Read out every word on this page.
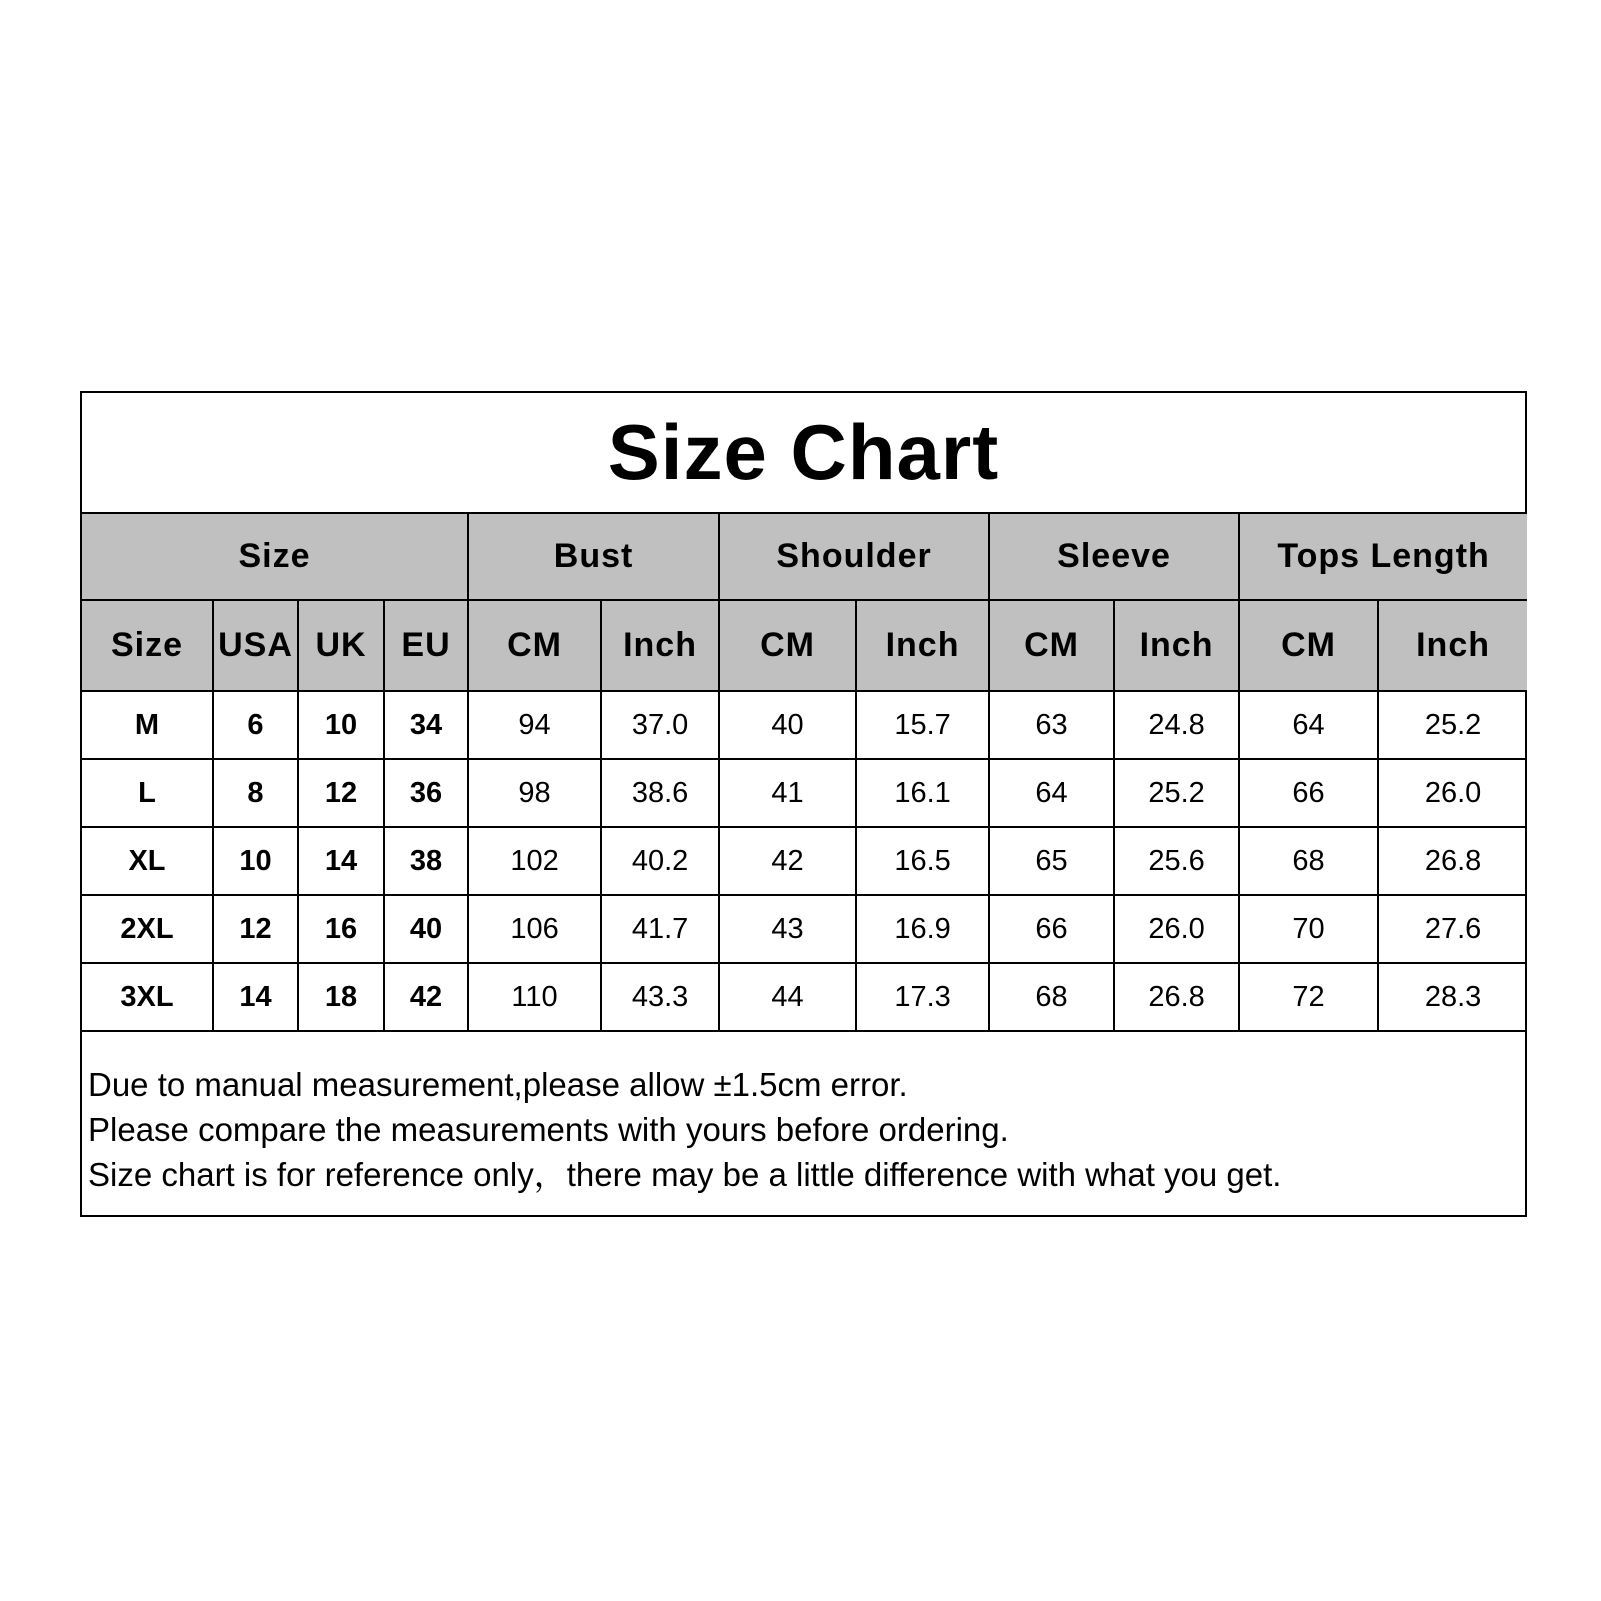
Size Chart
Size				Bust		Shoulder		Sleeve		Tops Length	
Size	USA	UK	EU	CM	Inch	CM	Inch	CM	Inch	CM	Inch
M	6	10	34	94	37.0	40	15.7	63	24.8	64	25.2
L	8	12	36	98	38.6	41	16.1	64	25.2	66	26.0
XL	10	14	38	102	40.2	42	16.5	65	25.6	68	26.8
2XL	12	16	40	106	41.7	43	16.9	66	26.0	70	27.6
3XL	14	18	42	110	43.3	44	17.3	68	26.8	72	28.3
Due to manual measurement,please allow ±1.5cm error.
Please compare the measurements with yours before ordering.
Size chart is for reference only，there may be a little difference with what you get.
